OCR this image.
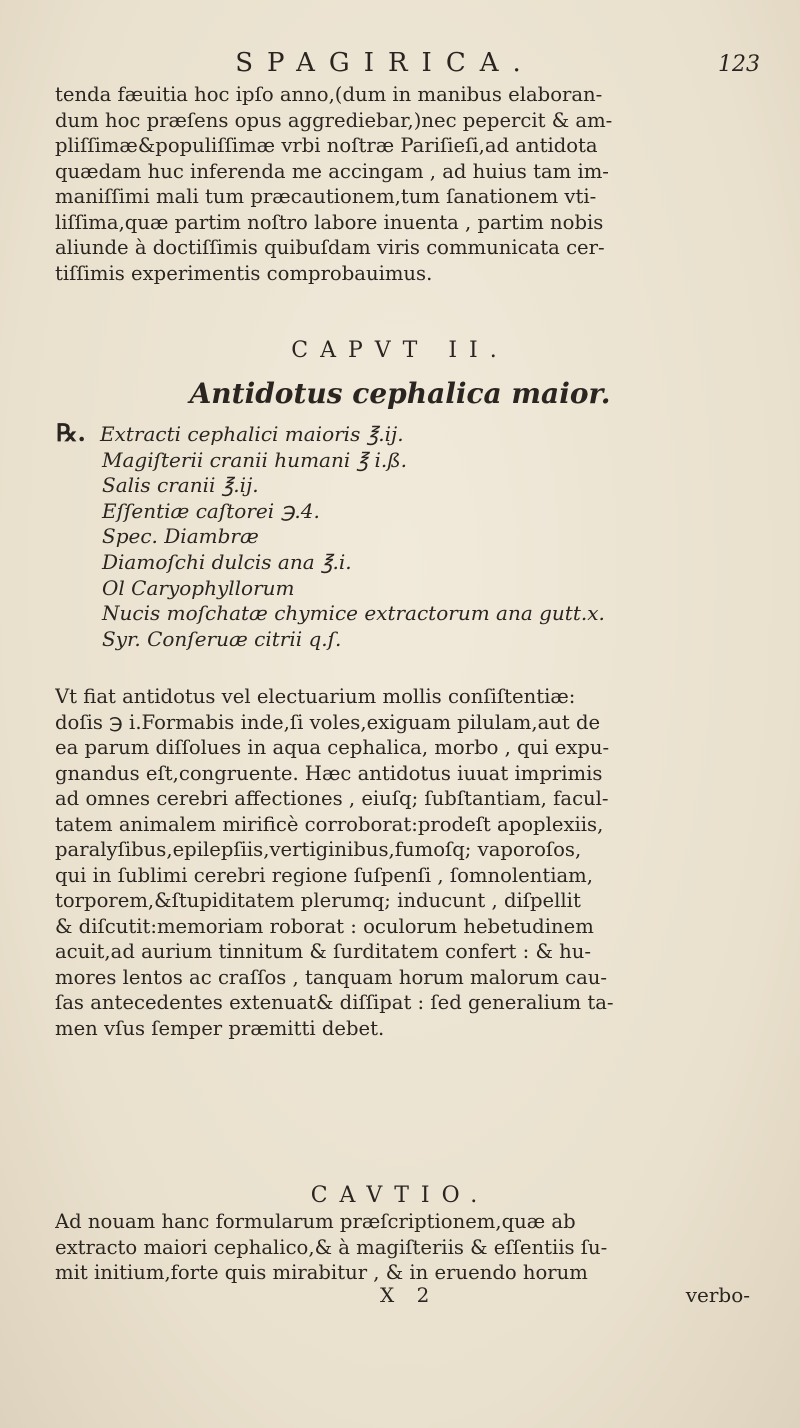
SPAGIRICA.	123
tenda fæuitia hoc ipſo anno,(dum in manibus elaboran-
dum hoc præſens opus aggrediebar,)nec pepercit & am-
pliſſimæ&populiſſimæ vrbi noſtræ Pariſieſi,ad antidota
quædam huc inferenda me accingam , ad huius tam im-
maniſſimi mali tum præcautionem,tum ſanationem vti-
liſſima,quæ partim noſtro labore inuenta , partim nobis
aliunde à doctiſſimis quibuſdam viris communicata cer-
tiſſimis experimentis comprobauimus.
CAPVT II.
Antidotus cephalica maior.
℞. Extracti cephalici maioris ℥.ij.
Magiſterii cranii humani ℥ i.ß.
Salis cranii ℥.ij.
Eſſentiæ caſtorei ℈.4.
Spec. Diambræ
Diamoſchi dulcis ana ℥.i.
Ol Caryophyllorum
Nucis moſchatæ chymice extractorum ana gutt.x.
Syr. Conſeruæ citrii q.ſ.
Vt fiat antidotus vel electuarium mollis conſiſtentiæ:
doſis ℈ i.Formabis inde,ſi voles,exiguam pilulam,aut de
ea parum diſſolues in aqua cephalica, morbo , qui expu-
gnandus eſt,congruente. Hæc antidotus iuuat imprimis
ad omnes cerebri affectiones , eiuſq; ſubſtantiam, facul-
tatem animalem mirificè corroborat:prodeſt apoplexiis,
paralyſibus,epilepſiis,vertiginibus,fumoſq; vaporoſos,
qui in ſublimi cerebri regione ſuſpenſi , ſomnolentiam,
torporem,&ſtupiditatem plerumq; inducunt , diſpellit
& diſcutit:memoriam roborat : oculorum hebetudinem
acuit,ad aurium tinnitum & ſurditatem confert : & hu-
mores lentos ac craſſos , tanquam horum malorum cau-
ſas antecedentes extenuat& diſſipat : ſed generalium ta-
men vſus ſemper præmitti debet.
CAVTIO.
Ad nouam hanc formularum præſcriptionem,quæ ab
extracto maiori cephalico,& à magiſteriis & eſſentiis ſu-
mit initium,forte quis mirabitur , & in eruendo horum
X 2	verbo-
